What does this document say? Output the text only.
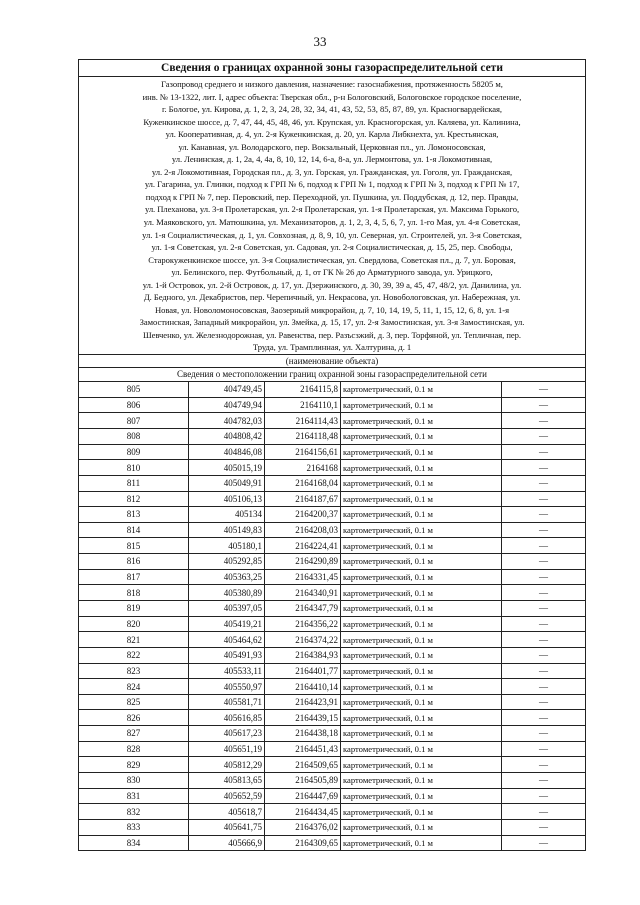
33
Сведения о границах охранной зоны газораспределительной сети
Газопровод среднего и низкого давления, назначение: газоснабжения, протяженность 58205 м,
инв. № 13-1322, лит. I, адрес объекта: Тверская обл., р-н Бологовский, Бологовское городское поселение,
г. Бологое, ул. Кирова, д. 1, 2, 3, 24, 28, 32, 34, 41, 43, 52, 53, 85, 87, 89, ул. Красногвардейская,
Куженкинское шоссе, д. 7, 47, 44, 45, 48, 46, ул. Крупская, ул. Красногорская, ул. Каляева, ул. Калинина,
ул. Кооперативная, д. 4, ул. 2-я Куженкинская, д. 20, ул. Карла Либкнехта, ул. Крестьянская,
ул. Канавная, ул. Володарского, пер. Вокзальный, Церковная пл., ул. Ломоносовская,
ул. Ленинская, д. 1, 2а, 4, 4а, 8, 10, 12, 14, 6-а, 8-а, ул. Лермонтова, ул. 1-я Локомотивная,
ул. 2-я Локомотивная, Городская пл., д. 3, ул. Горская, ул. Гражданская, ул. Гоголя, ул. Гражданская,
ул. Гагарина, ул. Глинки, подход к ГРП № 6, подход к ГРП № 1, подход к ГРП № 3, подход к ГРП № 17,
подход к ГРП № 7, пер. Перовский, пер. Переходной, ул. Пушкина, ул. Поддубская, д. 12, пер. Правды,
ул. Плеханова, ул. 3-я Пролетарская, ул. 2-я Пролетарская, ул. 1-я Пролетарская, ул. Максима Горького,
ул. Маяковского, ул. Матюшкина, ул. Механизаторов, д. 1, 2, 3, 4, 5, 6, 7, ул. 1-го Мая, ул. 4-я Советская,
ул. 1-я Социалистическая, д. 1, ул. Совхозная, д. 8, 9, 10, ул. Северная, ул. Строителей, ул. 3-я Советская,
ул. 1-я Советская, ул. 2-я Советская, ул. Садовая, ул. 2-я Социалистическая, д. 15, 25, пер. Свободы,
Старокуженкинское шоссе, ул. 3-я Социалистическая, ул. Свердлова, Советская пл., д. 7, ул. Боровая,
ул. Белинского, пер. Футбольный, д. 1, от ГК № 26 до Арматурного завода, ул. Урицкого,
ул. 1-й Островок, ул. 2-й Островок, д. 17, ул. Дзержинского, д. 30, 39, 39 а, 45, 47, 48/2, ул. Данилина, ул.
Д. Бедного, ул. Декабристов, пер. Черепичный, ул. Некрасова, ул. Новобологовская, ул. Набережная, ул.
Новая, ул. Новоломоносовская, Заозерный микрорайон, д. 7, 10, 14, 19, 5, 11, 1, 15, 12, 6, 8, ул. 1-я
Замостинская, Западный микрорайон, ул. Змейка, д. 15, 17, ул. 2-я Замостинская, ул. 3-я Замостинская, ул.
Шевченко, ул. Железнодорожная, ул. Равенства, пер. Разъсзжий, д. 3, пер. Торфяной, ул. Тепличная, пер.
Труда, ул. Трамплинная, ул. Халтурина, д. 1
(наименование объекта)
Сведения о местоположении границ охранной зоны газораспределительной сети
805	404749,45	2164115,8	картометрический, 0.1 м	—
806	404749,94	2164110,1	картометрический, 0.1 м	—
807	404782,03	2164114,43	картометрический, 0.1 м	—
808	404808,42	2164118,48	картометрический, 0.1 м	—
809	404846,08	2164156,61	картометрический, 0.1 м	—
810	405015,19	2164168	картометрический, 0.1 м	—
811	405049,91	2164168,04	картометрический, 0.1 м	—
812	405106,13	2164187,67	картометрический, 0.1 м	—
813	405134	2164200,37	картометрический, 0.1 м	—
814	405149,83	2164208,03	картометрический, 0.1 м	—
815	405180,1	2164224,41	картометрический, 0.1 м	—
816	405292,85	2164290,89	картометрический, 0.1 м	—
817	405363,25	2164331,45	картометрический, 0.1 м	—
818	405380,89	2164340,91	картометрический, 0.1 м	—
819	405397,05	2164347,79	картометрический, 0.1 м	—
820	405419,21	2164356,22	картометрический, 0.1 м	—
821	405464,62	2164374,22	картометрический, 0.1 м	—
822	405491,93	2164384,93	картометрический, 0.1 м	—
823	405533,11	2164401,77	картометрический, 0.1 м	—
824	405550,97	2164410,14	картометрический, 0.1 м	—
825	405581,71	2164423,91	картометрический, 0.1 м	—
826	405616,85	2164439,15	картометрический, 0.1 м	—
827	405617,23	2164438,18	картометрический, 0.1 м	—
828	405651,19	2164451,43	картометрический, 0.1 м	—
829	405812,29	2164509,65	картометрический, 0.1 м	—
830	405813,65	2164505,89	картометрический, 0.1 м	—
831	405652,59	2164447,69	картометрический, 0.1 м	—
832	405618,7	2164434,45	картометрический, 0.1 м	—
833	405641,75	2164376,02	картометрический, 0.1 м	—
834	405666,9	2164309,65	картометрический, 0.1 м	—
